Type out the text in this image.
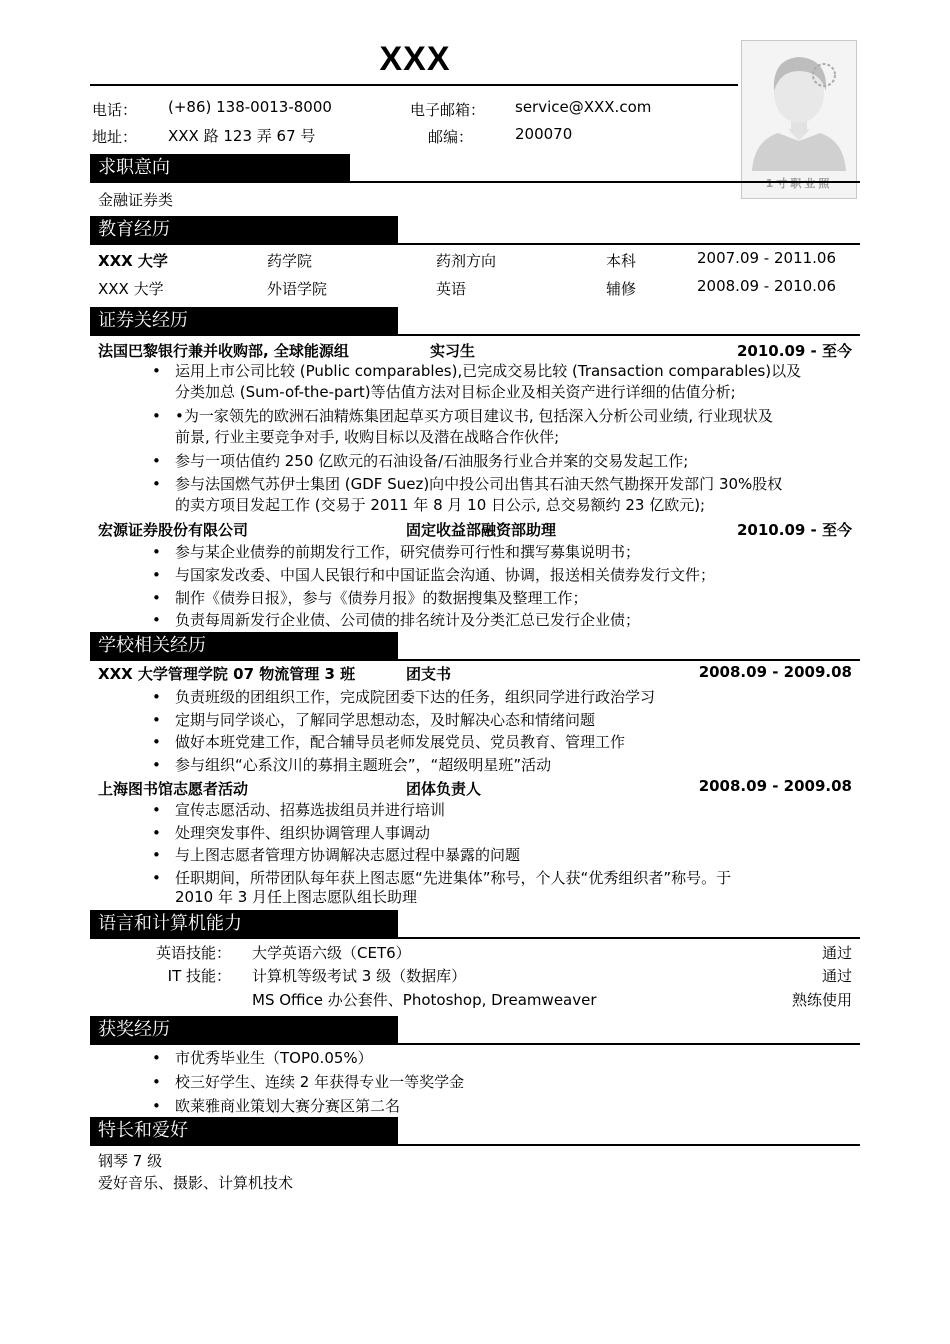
XXX
电话： (+86) 138-0013-8000	电子邮箱： service@XXX.com
地址： XXX 路 123 弄 67 号	邮编：	200070
1寸职业照
求职意向
金融证券类
教育经历
XXX 大学	药学院	药剂方向	本科	2007.09 - 2011.06
XXX 大学	外语学院	英语	辅修	2008.09 - 2010.06
证券关经历
法国巴黎银行兼并收购部, 全球能源组	实习生	2010.09 - 至今
• 运用上市公司比较 (Public comparables),已完成交易比较 (Transaction comparables)以及
分类加总 (Sum-of-the-part)等估值方法对目标企业及相关资产进行详细的估值分析;
• •为一家领先的欧洲石油精炼集团起草买方项目建议书, 包括深入分析公司业绩, 行业现状及
前景, 行业主要竞争对手, 收购目标以及潜在战略合作伙伴;
• 参与一项估值约 250 亿欧元的石油设备/石油服务行业合并案的交易发起工作;
• 参与法国燃气苏伊士集团 (GDF Suez)向中投公司出售其石油天然气勘探开发部门 30%股权
的卖方项目发起工作 (交易于 2011 年 8 月 10 日公示, 总交易额约 23 亿欧元);
宏源证券股份有限公司	固定收益部融资部助理	2010.09 - 至今
• 参与某企业债券的前期发行工作，研究债券可行性和撰写募集说明书；
• 与国家发改委、中国人民银行和中国证监会沟通、协调，报送相关债券发行文件；
• 制作《债券日报》，参与《债券月报》的数据搜集及整理工作；
• 负责每周新发行企业债、公司债的排名统计及分类汇总已发行企业债；
学校相关经历
XXX 大学管理学院 07 物流管理 3 班	团支书	2008.09 - 2009.08
• 负责班级的团组织工作，完成院团委下达的任务，组织同学进行政治学习
• 定期与同学谈心，了解同学思想动态，及时解决心态和情绪问题
• 做好本班党建工作，配合辅导员老师发展党员、党员教育、管理工作
• 参与组织“心系汶川的募捐主题班会”，“超级明星班”活动
上海图书馆志愿者活动	团体负责人	2008.09 - 2009.08
• 宣传志愿活动、招募选拔组员并进行培训
• 处理突发事件、组织协调管理人事调动
• 与上图志愿者管理方协调解决志愿过程中暴露的问题
• 任职期间，所带团队每年获上图志愿“先进集体”称号，个人获“优秀组织者”称号。于
2010 年 3 月任上图志愿队组长助理
语言和计算机能力
英语技能： 大学英语六级（CET6）	通过
IT 技能： 计算机等级考试 3 级（数据库）	通过
MS Office 办公套件、Photoshop, Dreamweaver	熟练使用
获奖经历
• 市优秀毕业生（TOP0.05%）
• 校三好学生、连续 2 年获得专业一等奖学金
• 欧莱雅商业策划大赛分赛区第二名
特长和爱好
钢琴 7 级
爱好音乐、摄影、计算机技术
